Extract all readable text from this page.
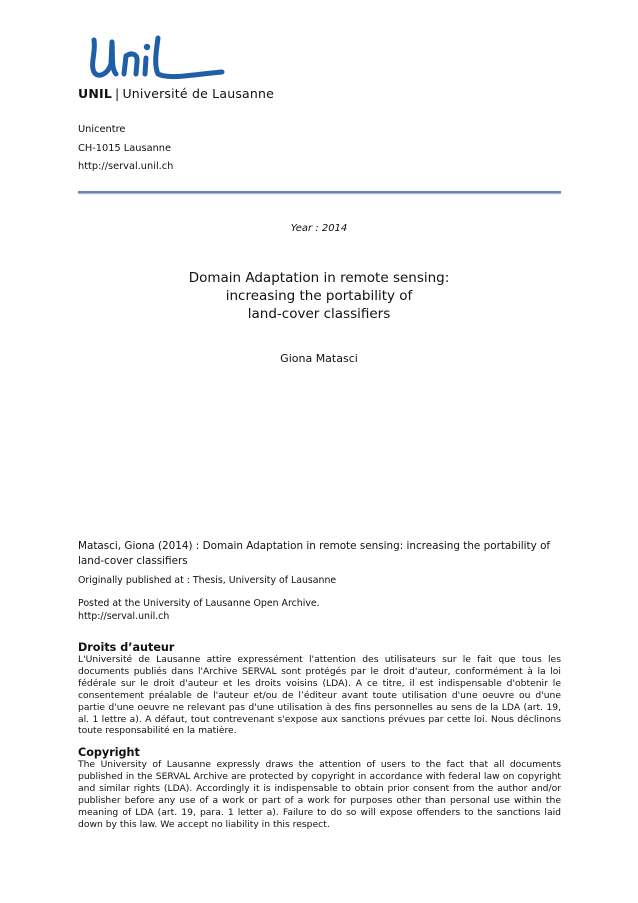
UNIL | Université de Lausanne
Unicentre
CH-1015 Lausanne
http://serval.unil.ch
Year : 2014
Domain Adaptation in remote sensing:
increasing the portability of
land-cover classifiers
Giona Matasci
Matasci, Giona (2014) : Domain Adaptation in remote sensing: increasing the portability of land-cover classifiers
Originally published at : Thesis, University of Lausanne
Posted at the University of Lausanne Open Archive.
http://serval.unil.ch
Droits d’auteur
L'Université de Lausanne attire expressément l'attention des utilisateurs sur le fait que tous les documents publiés dans l'Archive SERVAL sont protégés par le droit d'auteur, conformément à la loi fédérale sur le droit d'auteur et les droits voisins (LDA). A ce titre, il est indispensable d'obtenir le consentement préalable de l'auteur et/ou de l’éditeur avant toute utilisation d'une oeuvre ou d'une partie d'une oeuvre ne relevant pas d'une utilisation à des fins personnelles au sens de la LDA (art. 19, al. 1 lettre a). A défaut, tout contrevenant s'expose aux sanctions prévues par cette loi. Nous déclinons toute responsabilité en la matière.
Copyright
The University of Lausanne expressly draws the attention of users to the fact that all documents published in the SERVAL Archive are protected by copyright in accordance with federal law on copyright and similar rights (LDA). Accordingly it is indispensable to obtain prior consent from the author and/or publisher before any use of a work or part of a work for purposes other than personal use within the meaning of LDA (art. 19, para. 1 letter a). Failure to do so will expose offenders to the sanctions laid down by this law. We accept no liability in this respect.
